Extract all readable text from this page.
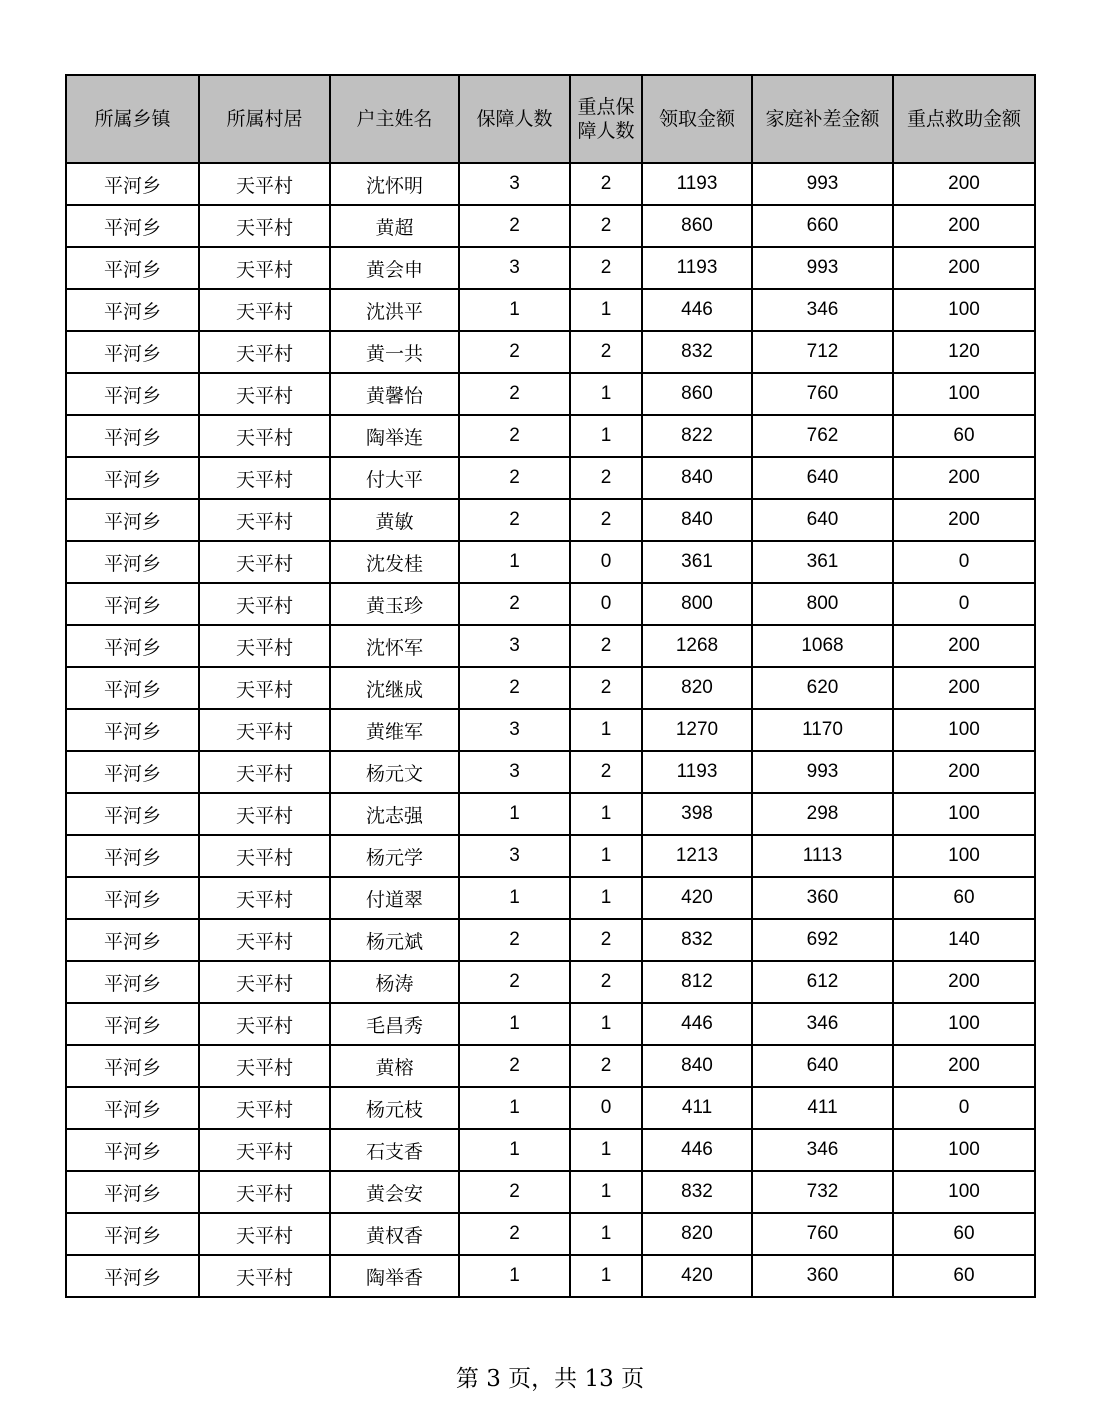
所属乡镇	所属村居	户主姓名	保障人数	重点保障人数	领取金额	家庭补差金额	重点救助金额
平河乡	天平村	沈怀明	3	2	1193	993	200
平河乡	天平村	黄超	2	2	860	660	200
平河乡	天平村	黄会申	3	2	1193	993	200
平河乡	天平村	沈洪平	1	1	446	346	100
平河乡	天平村	黄一共	2	2	832	712	120
平河乡	天平村	黄馨怡	2	1	860	760	100
平河乡	天平村	陶举连	2	1	822	762	60
平河乡	天平村	付大平	2	2	840	640	200
平河乡	天平村	黄敏	2	2	840	640	200
平河乡	天平村	沈发桂	1	0	361	361	0
平河乡	天平村	黄玉珍	2	0	800	800	0
平河乡	天平村	沈怀军	3	2	1268	1068	200
平河乡	天平村	沈继成	2	2	820	620	200
平河乡	天平村	黄维军	3	1	1270	1170	100
平河乡	天平村	杨元文	3	2	1193	993	200
平河乡	天平村	沈志强	1	1	398	298	100
平河乡	天平村	杨元学	3	1	1213	1113	100
平河乡	天平村	付道翠	1	1	420	360	60
平河乡	天平村	杨元斌	2	2	832	692	140
平河乡	天平村	杨涛	2	2	812	612	200
平河乡	天平村	毛昌秀	1	1	446	346	100
平河乡	天平村	黄榕	2	2	840	640	200
平河乡	天平村	杨元枝	1	0	411	411	0
平河乡	天平村	石支香	1	1	446	346	100
平河乡	天平村	黄会安	2	1	832	732	100
平河乡	天平村	黄权香	2	1	820	760	60
平河乡	天平村	陶举香	1	1	420	360	60
第 3 页，共 13 页
